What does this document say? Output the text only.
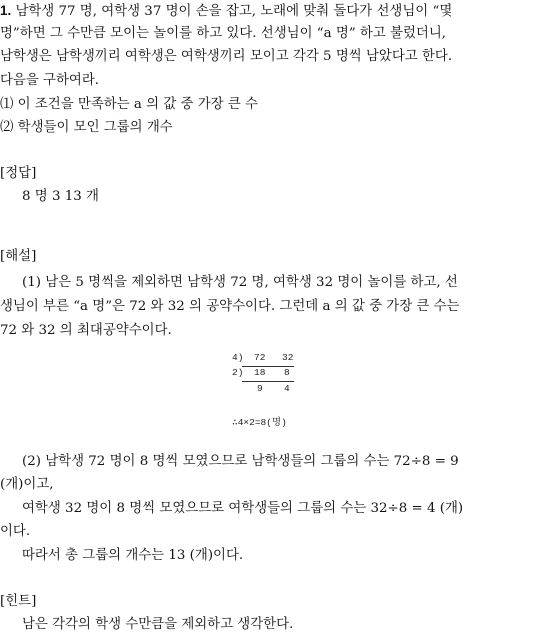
1. 남학생 77 명, 여학생 37 명이 손을 잡고, 노래에 맞춰 돌다가 선생님이 “몇
명”하면 그 수만큼 모이는 놀이를 하고 있다. 선생님이 “a 명” 하고 불렀더니,
남학생은 남학생끼리 여학생은 여학생끼리 모이고 각각 5 명씩 남았다고 한다.
다음을 구하여라.
⑴ 이 조건을 만족하는 a 의 값 중 가장 큰 수
⑵ 학생들이 모인 그룹의 개수
[정답]
8 명 3 13 개
[해설]
(1) 남은 5 명씩을 제외하면 남학생 72 명, 여학생 32 명이 놀이를 하고, 선
생님이 부른 “a 명”은 72 와 32 의 공약수이다. 그런데 a 의 값 중 가장 큰 수는
72 와 32 의 최대공약수이다.
4) 72 32
2) 18 8
9 4
∴4×2=8(명)
(2) 남학생 72 명이 8 명씩 모였으므로 남학생들의 그룹의 수는 72÷8 = 9
(개)이고,
여학생 32 명이 8 명씩 모였으므로 여학생들의 그룹의 수는 32÷8 = 4 (개)
이다.
따라서 총 그룹의 개수는 13 (개)이다.
[힌트]
남은 각각의 학생 수만큼을 제외하고 생각한다.
